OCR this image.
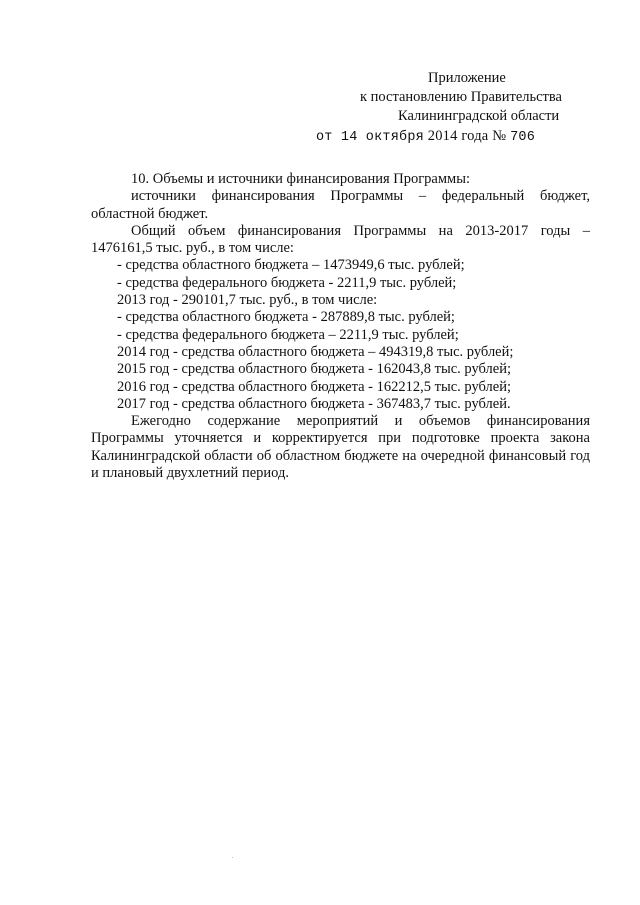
Приложение
к постановлению Правительства
Калининградской области
от 14 октября 2014 года № 706

10. Объемы и источники финансирования Программы:

источники финансирования Программы – федеральный бюджет,

областной бюджет.

Общий объем финансирования Программы на 2013-2017 годы –

1476161,5 тыс. руб., в том числе:

- средства областного бюджета – 1473949,6 тыс. рублей;

- средства федерального бюджета - 2211,9 тыс. рублей;

2013 год - 290101,7 тыс. руб., в том числе:

- средства областного бюджета - 287889,8 тыс. рублей;

- средства федерального бюджета – 2211,9 тыс. рублей;

2014 год - средства областного бюджета – 494319,8 тыс. рублей;

2015 год - средства областного бюджета - 162043,8 тыс. рублей;

2016 год - средства областного бюджета - 162212,5 тыс. рублей;

2017 год - средства областного бюджета - 367483,7 тыс. рублей.

Ежегодно содержание мероприятий и объемов финансирования Программы уточняется и корректируется при подготовке проекта закона Калининградской области об областном бюджете на очередной финансовый год и плановый двухлетний период.
